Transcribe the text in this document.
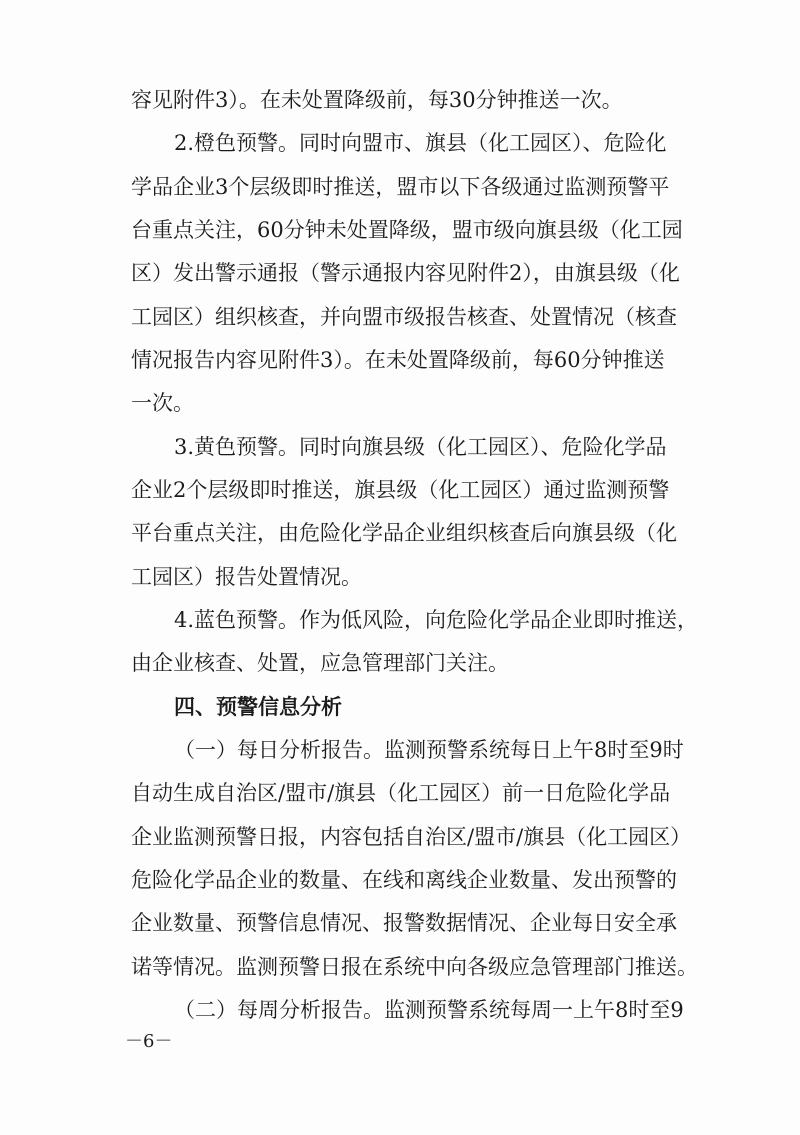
容见附件3）。在未处置降级前，每30分钟推送一次。
2.橙色预警。同时向盟市、旗县（化工园区）、危险化
学品企业3个层级即时推送，盟市以下各级通过监测预警平
台重点关注，60分钟未处置降级，盟市级向旗县级（化工园
区）发出警示通报（警示通报内容见附件2），由旗县级（化
工园区）组织核查，并向盟市级报告核查、处置情况（核查
情况报告内容见附件3）。在未处置降级前，每60分钟推送
一次。
3.黄色预警。同时向旗县级（化工园区）、危险化学品
企业2个层级即时推送，旗县级（化工园区）通过监测预警
平台重点关注，由危险化学品企业组织核查后向旗县级（化
工园区）报告处置情况。
4.蓝色预警。作为低风险，向危险化学品企业即时推送，
由企业核查、处置，应急管理部门关注。
四、预警信息分析
（一）每日分析报告。监测预警系统每日上午8时至9时
自动生成自治区/盟市/旗县（化工园区）前一日危险化学品
企业监测预警日报，内容包括自治区/盟市/旗县（化工园区）
危险化学品企业的数量、在线和离线企业数量、发出预警的
企业数量、预警信息情况、报警数据情况、企业每日安全承
诺等情况。监测预警日报在系统中向各级应急管理部门推送。
（二）每周分析报告。监测预警系统每周一上午8时至9
－6－
